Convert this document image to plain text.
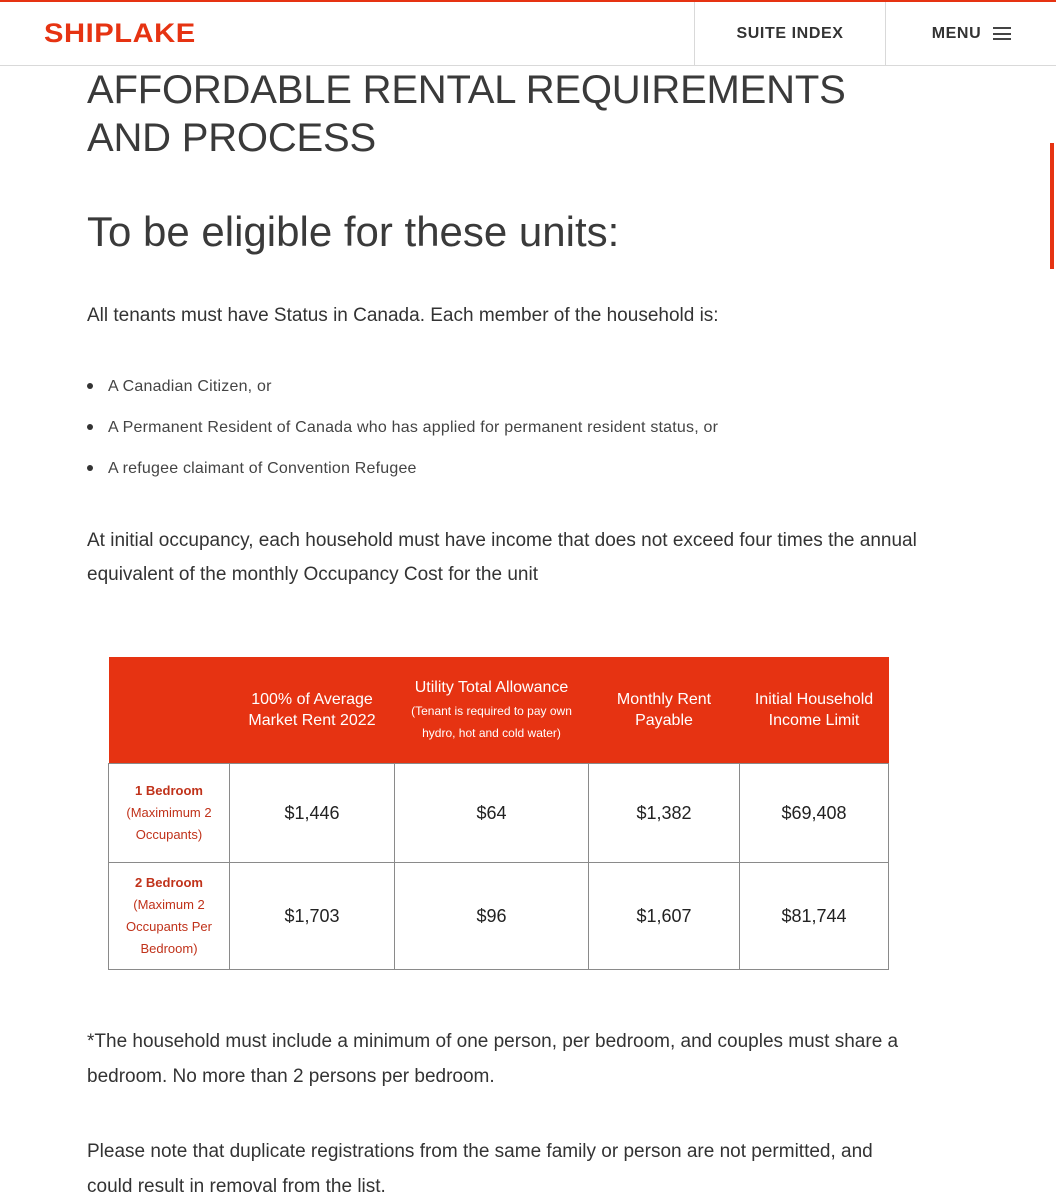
SHIPLAKE	SUITE INDEX	MENU
AFFORDABLE RENTAL REQUIREMENTS AND PROCESS
To be eligible for these units:

All tenants must have Status in Canada. Each member of the household is:

A Canadian Citizen, or
A Permanent Resident of Canada who has applied for permanent resident status, or
A refugee claimant of Convention Refugee

At initial occupancy, each household must have income that does not exceed four times the annual equivalent of the monthly Occupancy Cost for the unit

	100% of Average Market Rent 2022	Utility Total Allowance
(Tenant is required to pay own hydro, hot and cold water)	Monthly Rent Payable	Initial Household Income Limit
1 Bedroom
(Maximimum 2 Occupants)	$1,446	$64	$1,382	$69,408
2 Bedroom
(Maximum 2 Occupants Per Bedroom)	$1,703	$96	$1,607	$81,744

*The household must include a minimum of one person, per bedroom, and couples must share a bedroom. No more than 2 persons per bedroom.

Please note that duplicate registrations from the same family or person are not permitted, and could result in removal from the list.
